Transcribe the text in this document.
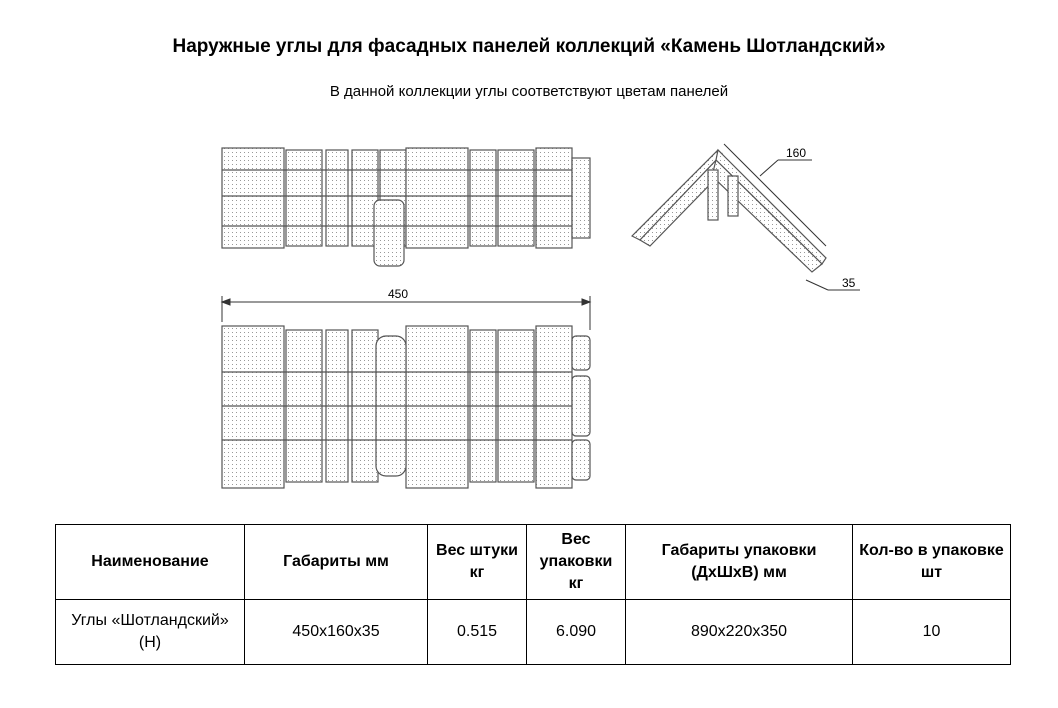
Наружные углы для фасадных панелей коллекций «Камень Шотландский»
В данной коллекции углы соответствуют цветам панелей
450
160
35
Наименование	Габариты мм	Вес штуки кг	Вес упаковки кг	Габариты упаковки (ДхШхВ) мм	Кол-во в упаковке шт
Углы «Шотландский» (Н)	450х160х35	0.515	6.090	890х220х350	10
